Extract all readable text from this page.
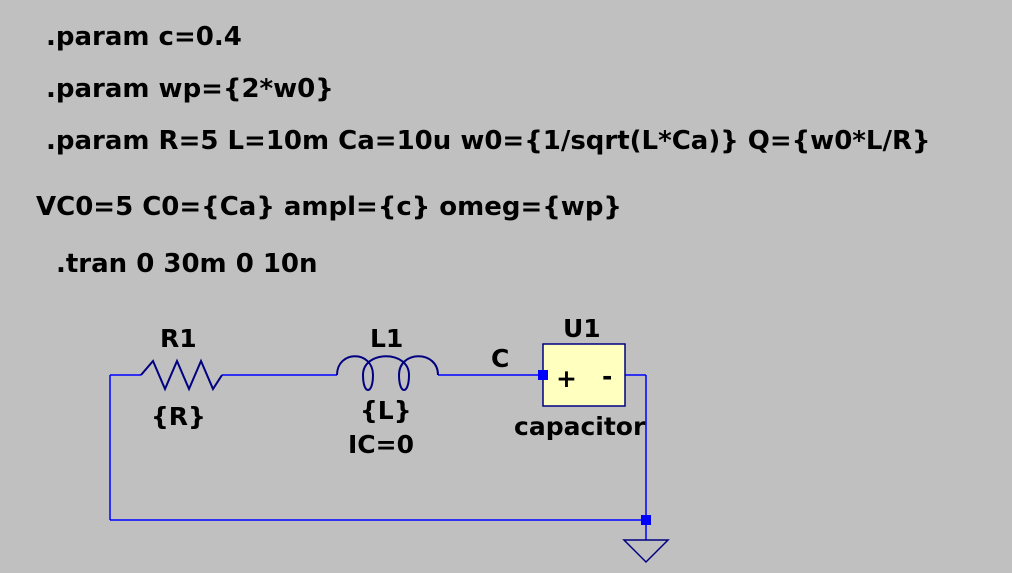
.param c=0.4
.param wp={2*w0}
.param R=5 L=10m Ca=10u w0={1/sqrt(L*Ca)} Q={w0*L/R}
VC0=5 C0={Ca} ampl={c} omeg={wp}
.tran 0 30m 0 10n
R1
{R}
L1
{L}
IC=0
C
U1
+ -
capacitor
